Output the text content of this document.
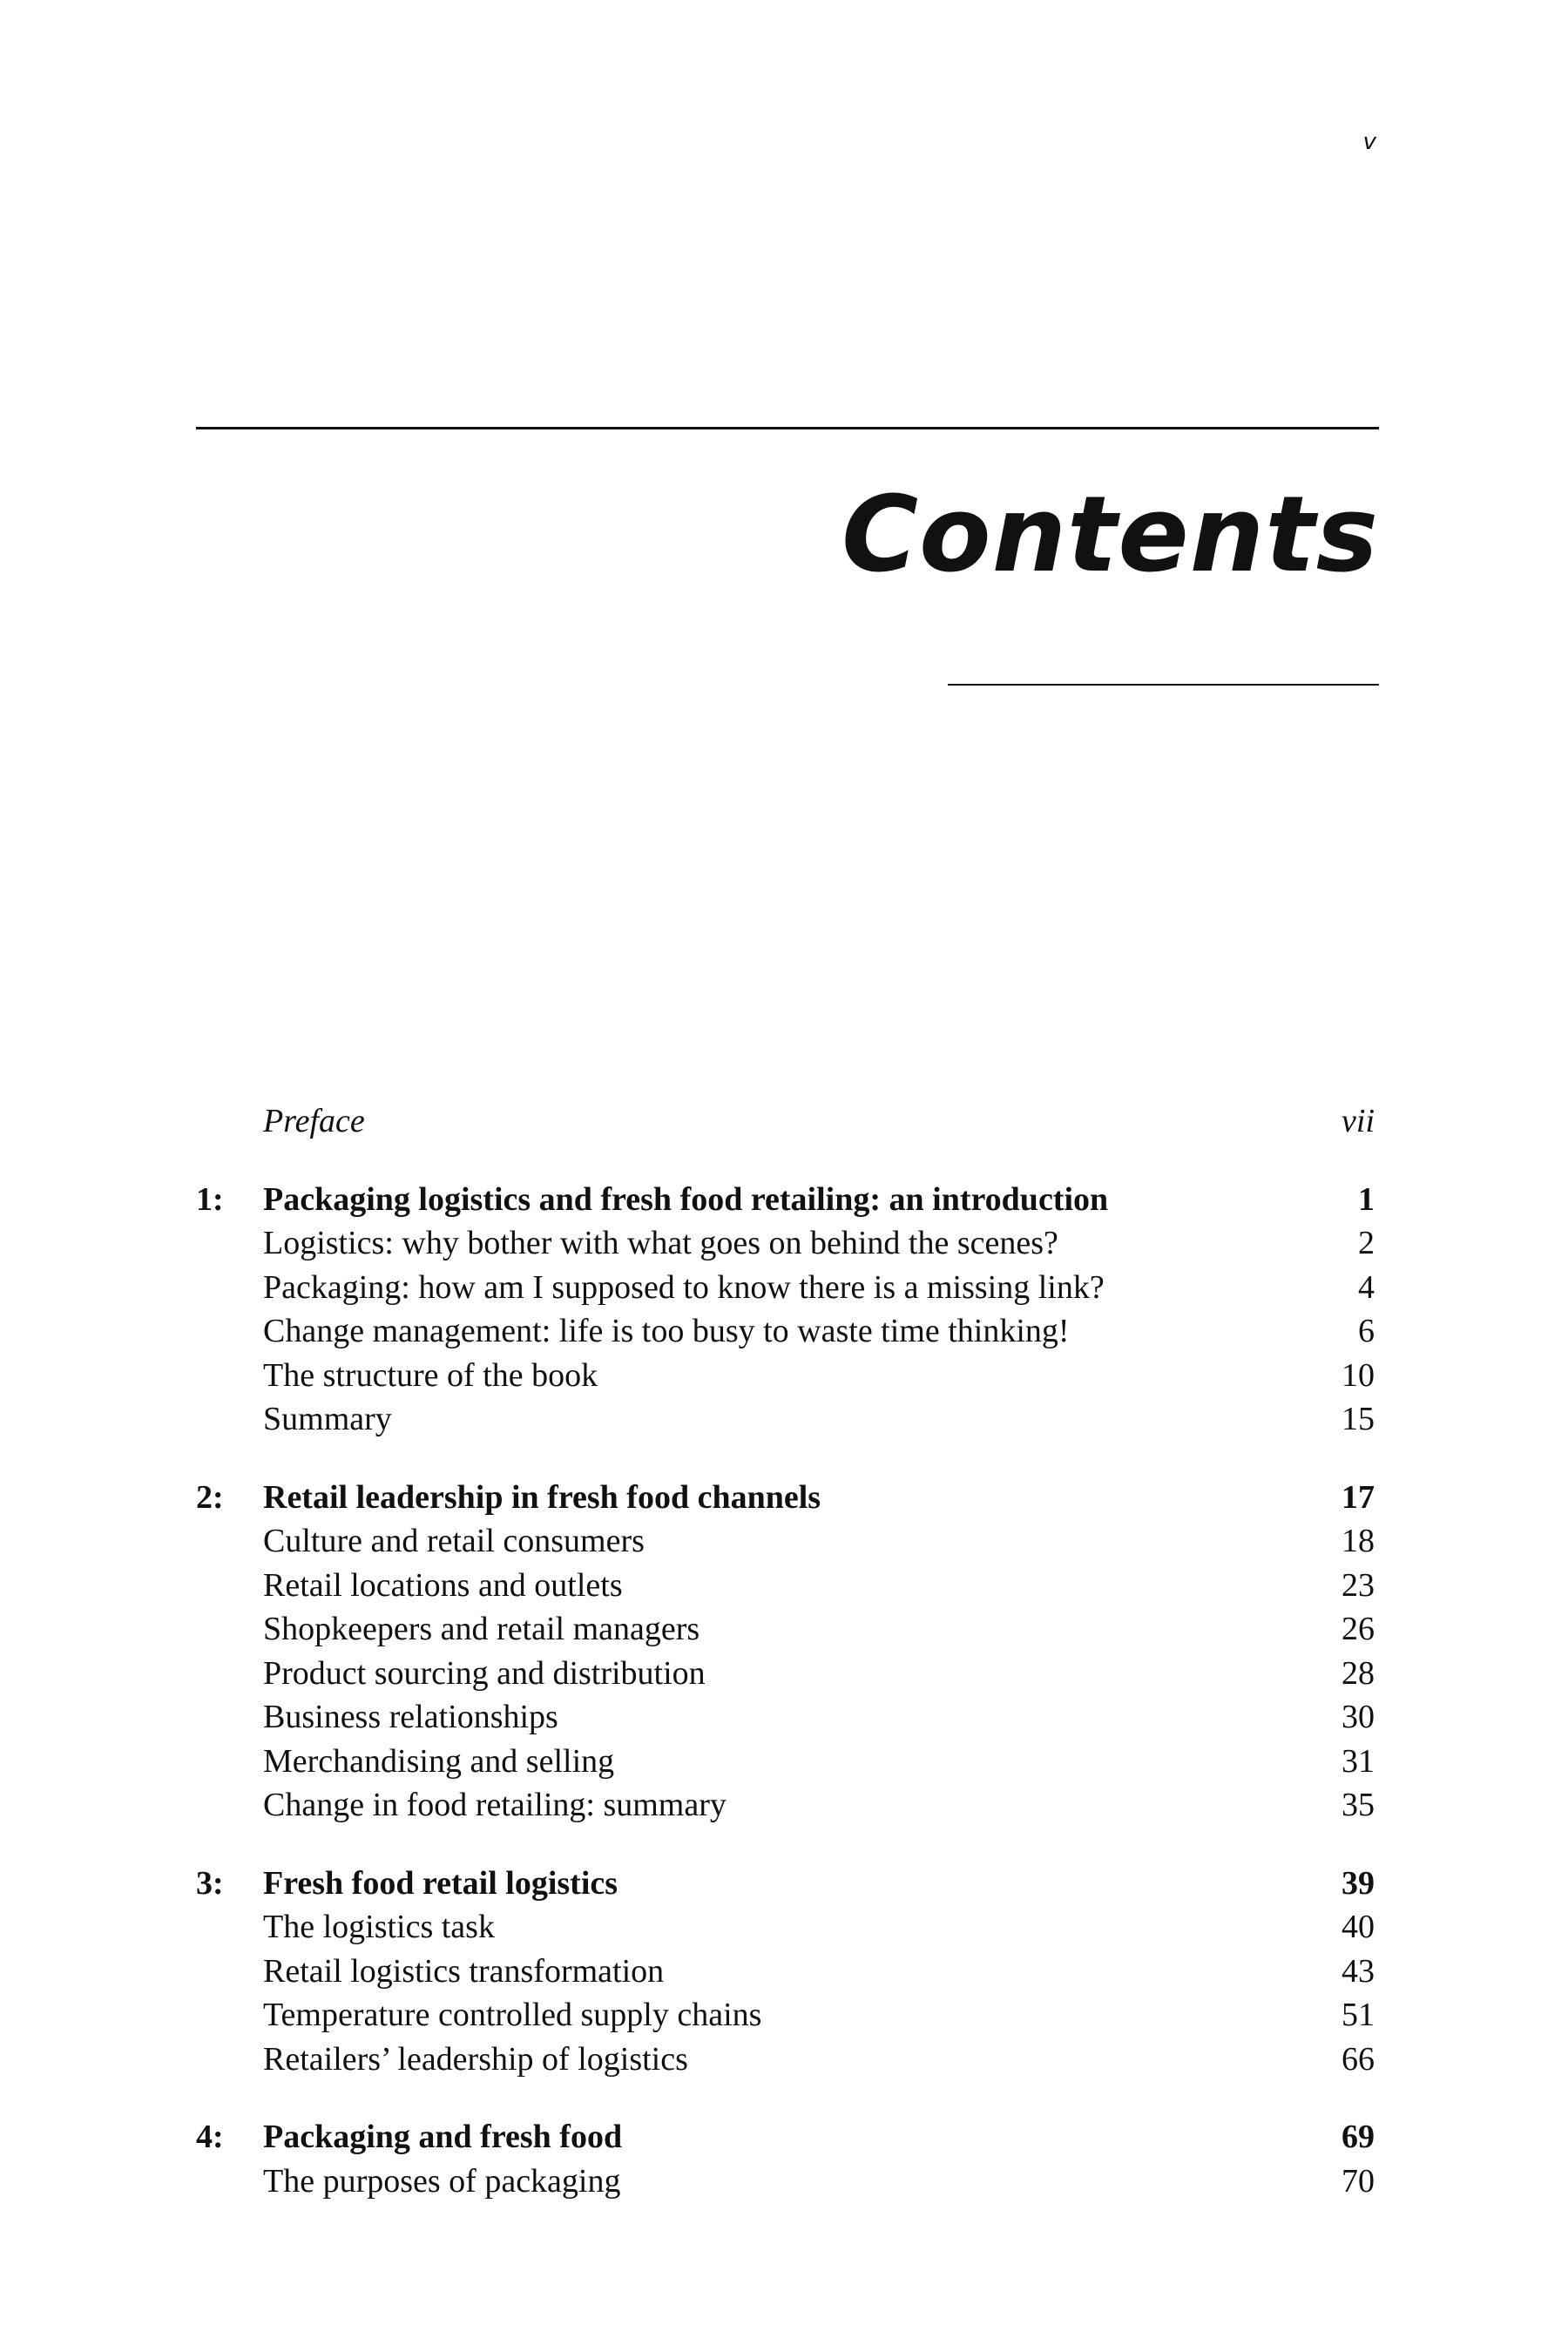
v
Contents
Preface	vii
1:	Packaging logistics and fresh food retailing: an introduction	1
Logistics: why bother with what goes on behind the scenes?	2
Packaging: how am I supposed to know there is a missing link?	4
Change management: life is too busy to waste time thinking!	6
The structure of the book	10
Summary	15
2:	Retail leadership in fresh food channels	17
Culture and retail consumers	18
Retail locations and outlets	23
Shopkeepers and retail managers	26
Product sourcing and distribution	28
Business relationships	30
Merchandising and selling	31
Change in food retailing: summary	35
3:	Fresh food retail logistics	39
The logistics task	40
Retail logistics transformation	43
Temperature controlled supply chains	51
Retailers’ leadership of logistics	66
4:	Packaging and fresh food	69
The purposes of packaging	70
